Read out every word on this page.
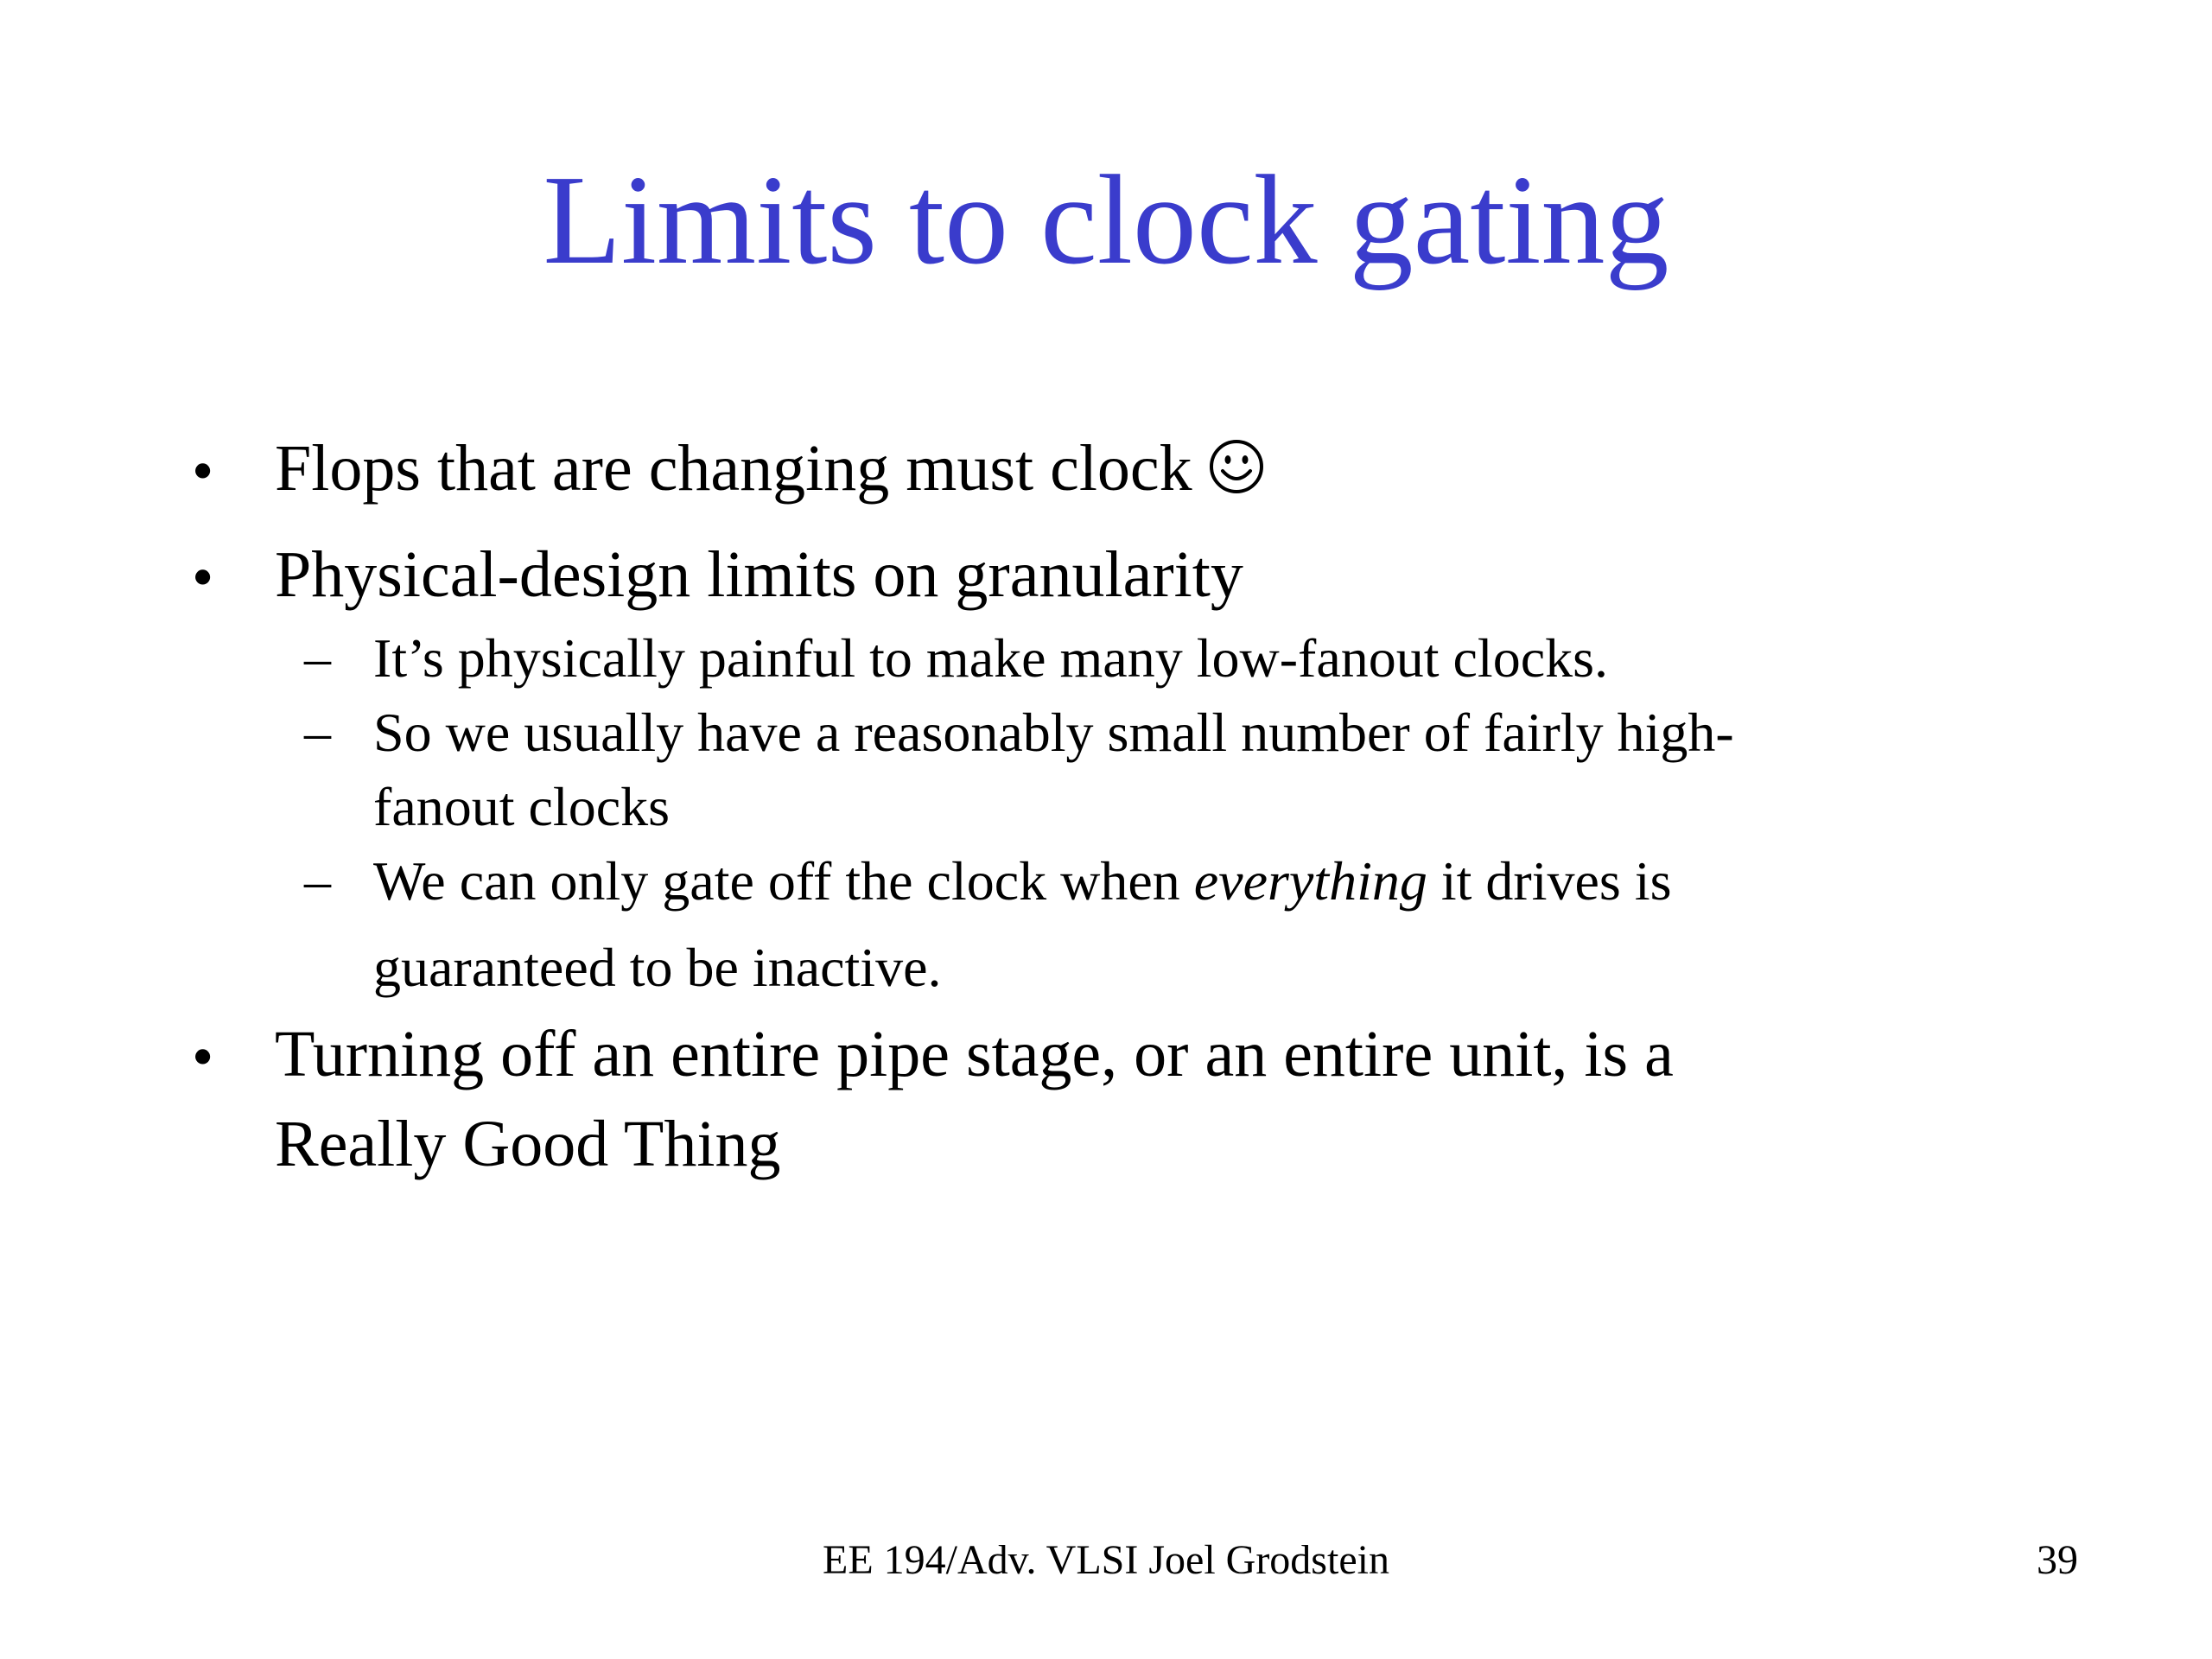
Limits to clock gating
• Flops that are changing must clock
• Physical-design limits on granularity
– It’s physically painful to make many low-fanout clocks.
– So we usually have a reasonably small number of fairly high-
fanout clocks
– We can only gate off the clock when everything it drives is
guaranteed to be inactive.
• Turning off an entire pipe stage, or an entire unit, is a
Really Good Thing
EE 194/Adv. VLSI Joel Grodstein	39
